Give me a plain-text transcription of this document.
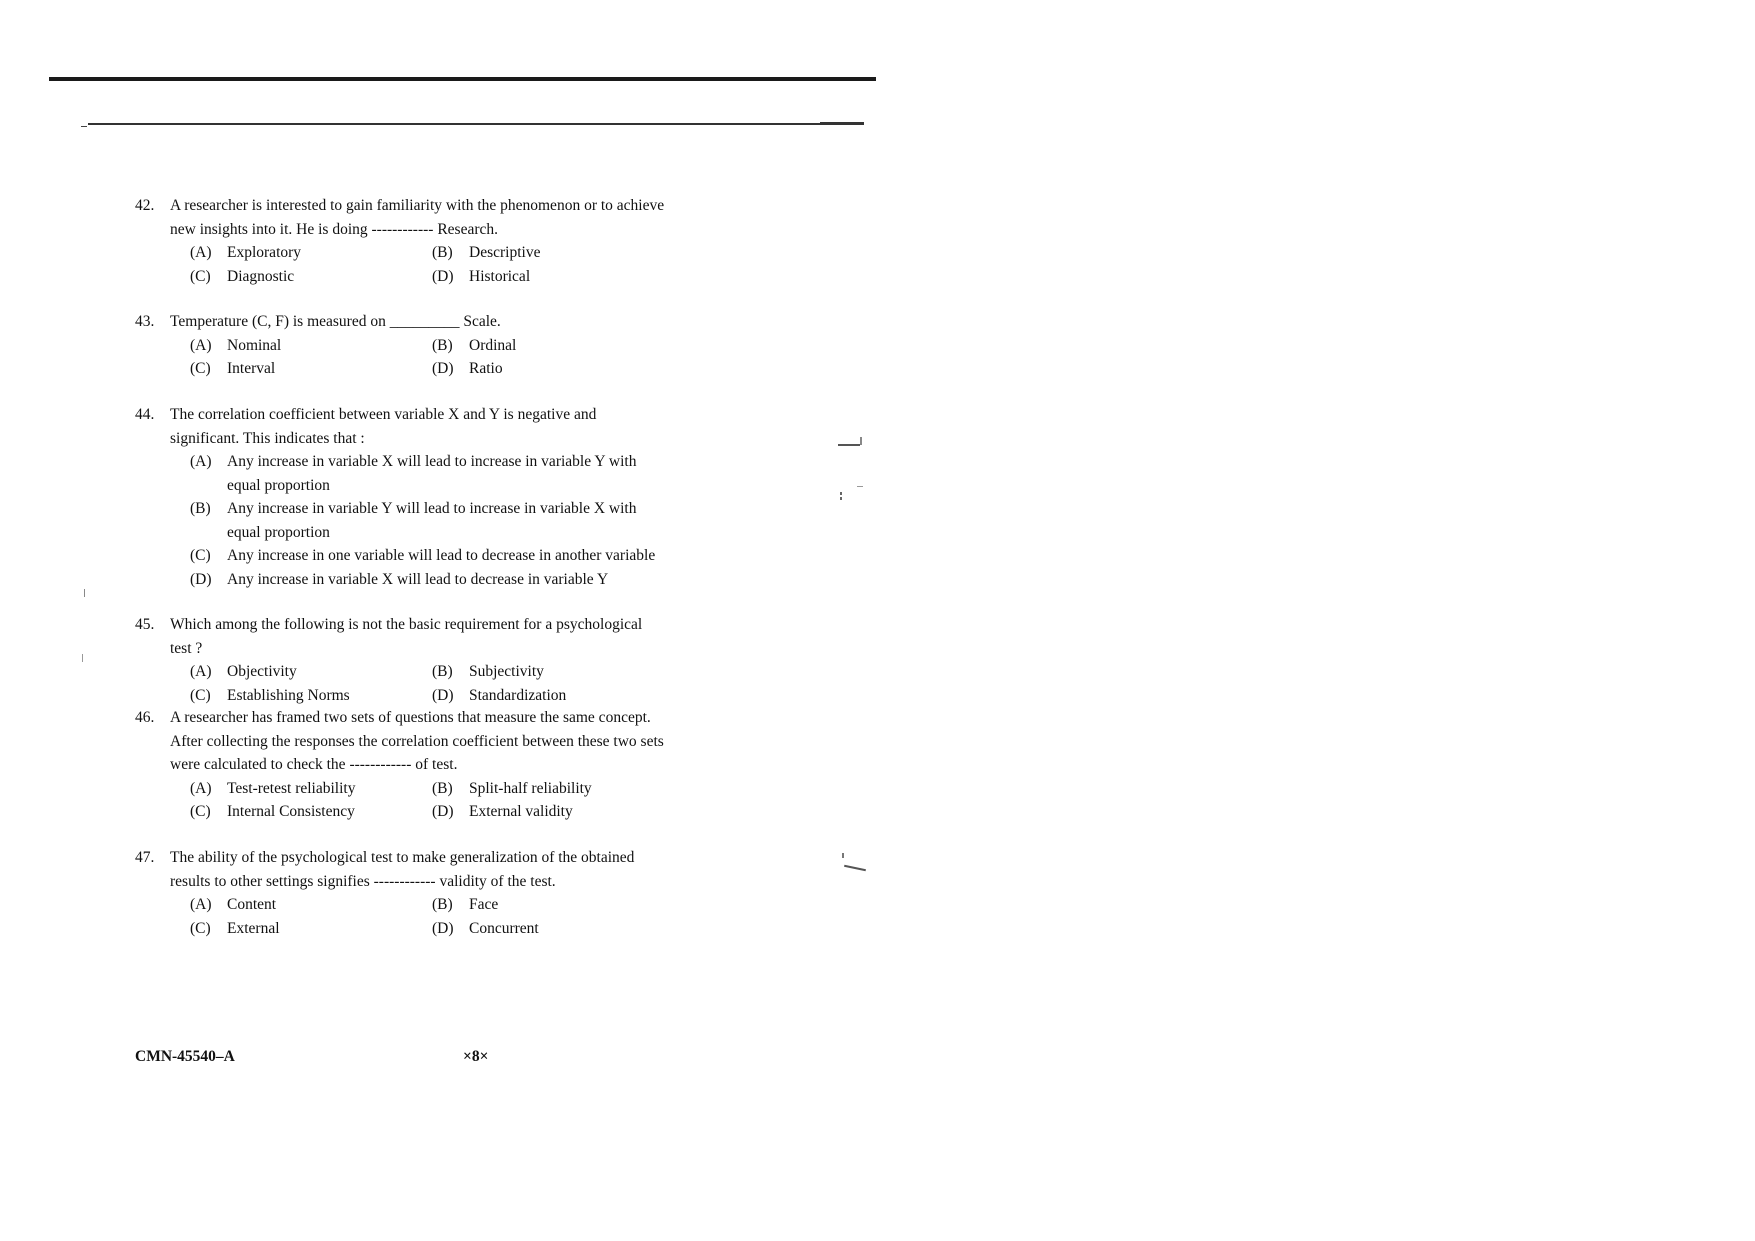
42.	A researcher is interested to gain familiarity with the phenomenon or to achieve new insights into it. He is doing ------------ Research.
(A) Exploratory	(B)	Descriptive
(C)	Diagnostic	(D) Historical
43.	Temperature (C, F) is measured on _________ Scale.
(A) Nominal	(B)	Ordinal
(C)	Interval	(D) Ratio
44.	The correlation coefficient between variable X and Y is negative and significant. This indicates that :
(A) Any increase in variable X will lead to increase in variable Y with equal proportion
(B)	Any increase in variable Y will lead to increase in variable X with equal proportion
(C)	Any increase in one variable will lead to decrease in another variable
(D) Any increase in variable X will lead to decrease in variable Y
45.	Which among the following is not the basic requirement for a psychological test ?
(A) Objectivity	(B)	Subjectivity
(C)	Establishing Norms	(D) Standardization
46.	A researcher has framed two sets of questions that measure the same concept. After collecting the responses the correlation coefficient between these two sets were calculated to check the ------------ of test.
(A) Test-retest reliability	(B)	Split-half reliability
(C)	Internal Consistency	(D) External validity
47.	The ability of the psychological test to make generalization of the obtained results to other settings signifies ------------ validity of the test.
(A) Content	(B)	Face
(C)	External	(D) Concurrent
CMN-45540–A	×8×
